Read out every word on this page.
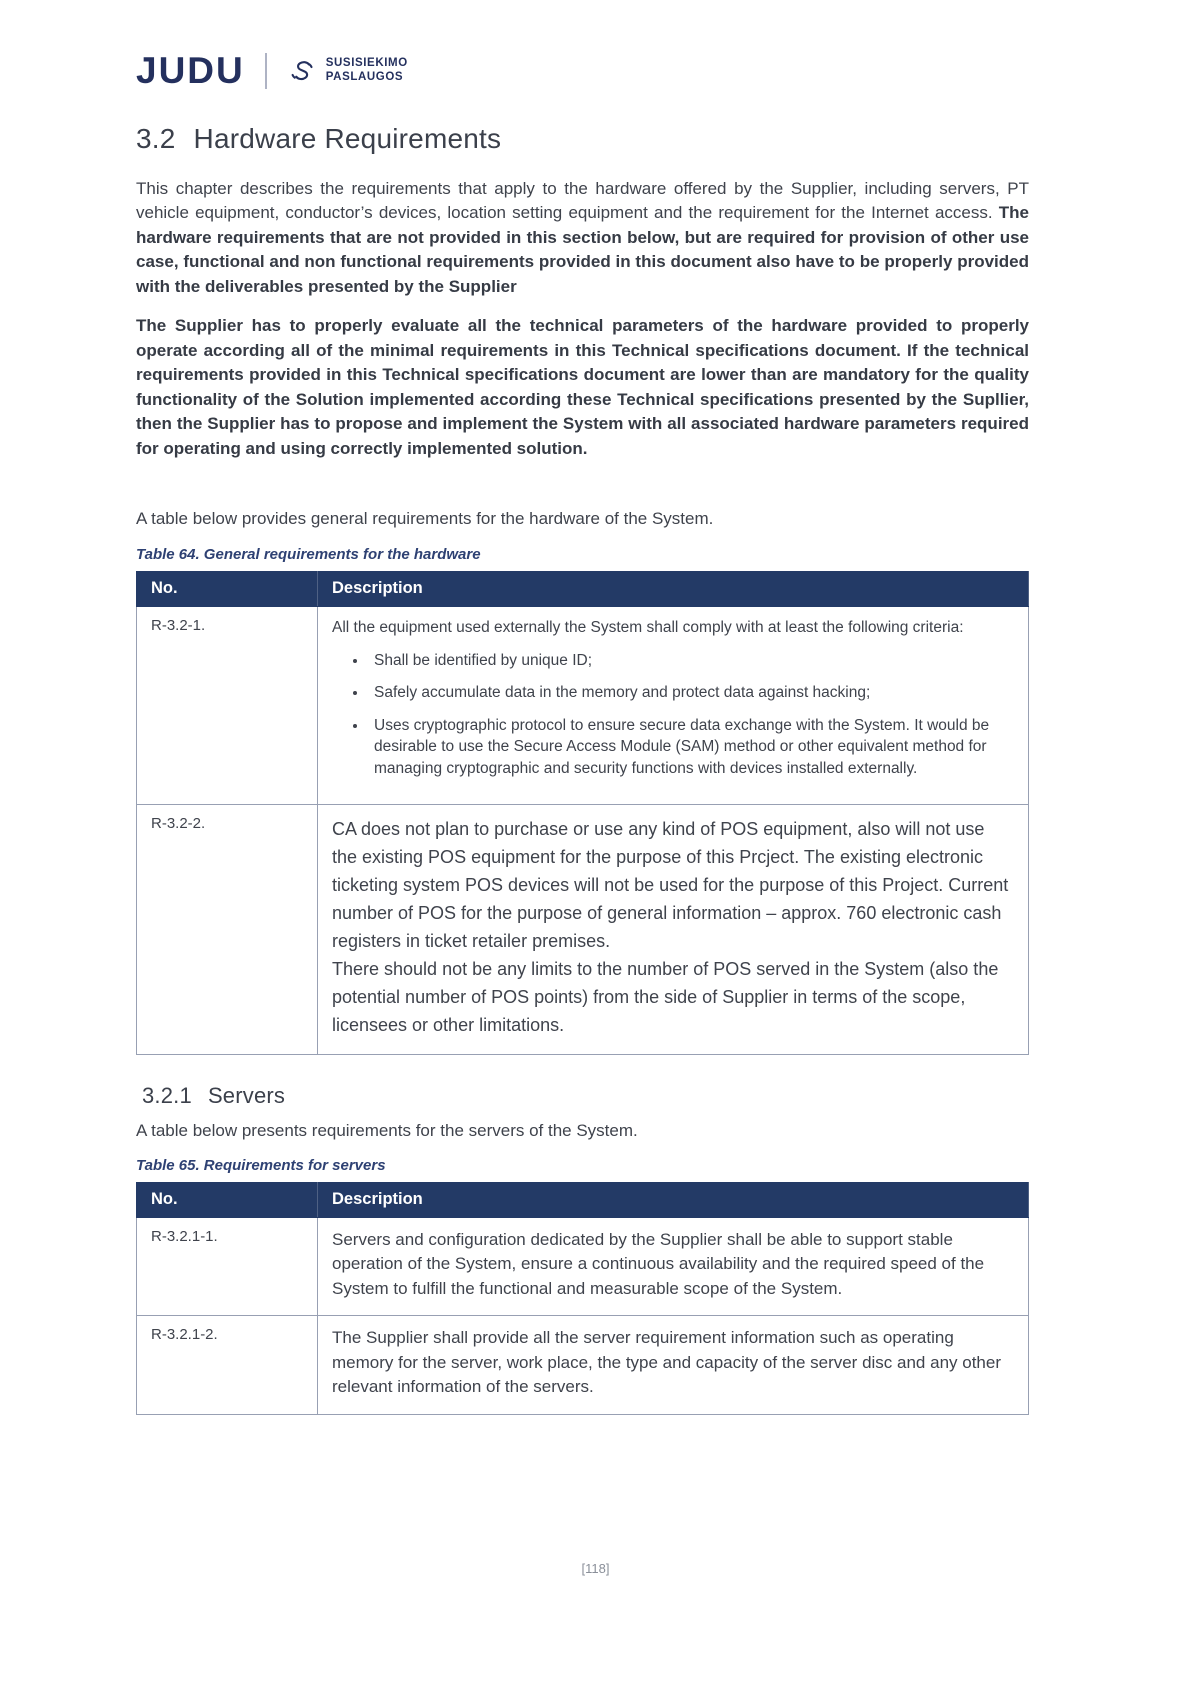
JUDU	SUSISIEKIMO
PASLAUGOS
3.2 Hardware Requirements

This chapter describes the requirements that apply to the hardware offered by the Supplier, including servers, PT vehicle equipment, conductor’s devices, location setting equipment and the requirement for the Internet access. The hardware requirements that are not provided in this section below, but are required for provision of other use case, functional and non functional requirements provided in this document also have to be properly provided with the deliverables presented by the Supplier

The Supplier has to properly evaluate all the technical parameters of the hardware provided to properly operate according all of the minimal requirements in this Technical specifications document. If the technical requirements provided in this Technical specifications document are lower than are mandatory for the quality functionality of the Solution implemented according these Technical specifications presented by the Supllier, then the Supplier has to propose and implement the System with all associated hardware parameters required for operating and using correctly implemented solution.

A table below provides general requirements for the hardware of the System.

Table 64. General requirements for the hardware

No.	Description
R-3.2-1.	All the equipment used externally the System shall comply with at least the following criteria:
• Shall be identified by unique ID;
• Safely accumulate data in the memory and protect data against hacking;
• Uses cryptographic protocol to ensure secure data exchange with the System. It would be desirable to use the Secure Access Module (SAM) method or other equivalent method for managing cryptographic and security functions with devices installed externally.

R-3.2-2.	CA does not plan to purchase or use any kind of POS equipment, also will not use the existing POS equipment for the purpose of this Prcject. The existing electronic ticketing system POS devices will not be used for the purpose of this Project. Current number of POS for the purpose of general information – approx. 760 electronic cash registers in ticket retailer premises.
There should not be any limits to the number of POS served in the System (also the potential number of POS points) from the side of Supplier in terms of the scope, licensees or other limitations.
3.2.1 Servers

A table below presents requirements for the servers of the System.

Table 65. Requirements for servers

No.	Description
R-3.2.1-1.	Servers and configuration dedicated by the Supplier shall be able to support stable operation of the System, ensure a continuous availability and the required speed of the System to fulfill the functional and measurable scope of the System.
R-3.2.1-2.	The Supplier shall provide all the server requirement information such as operating memory for the server, work place, the type and capacity of the server disc and any other relevant information of the servers.
[118]
